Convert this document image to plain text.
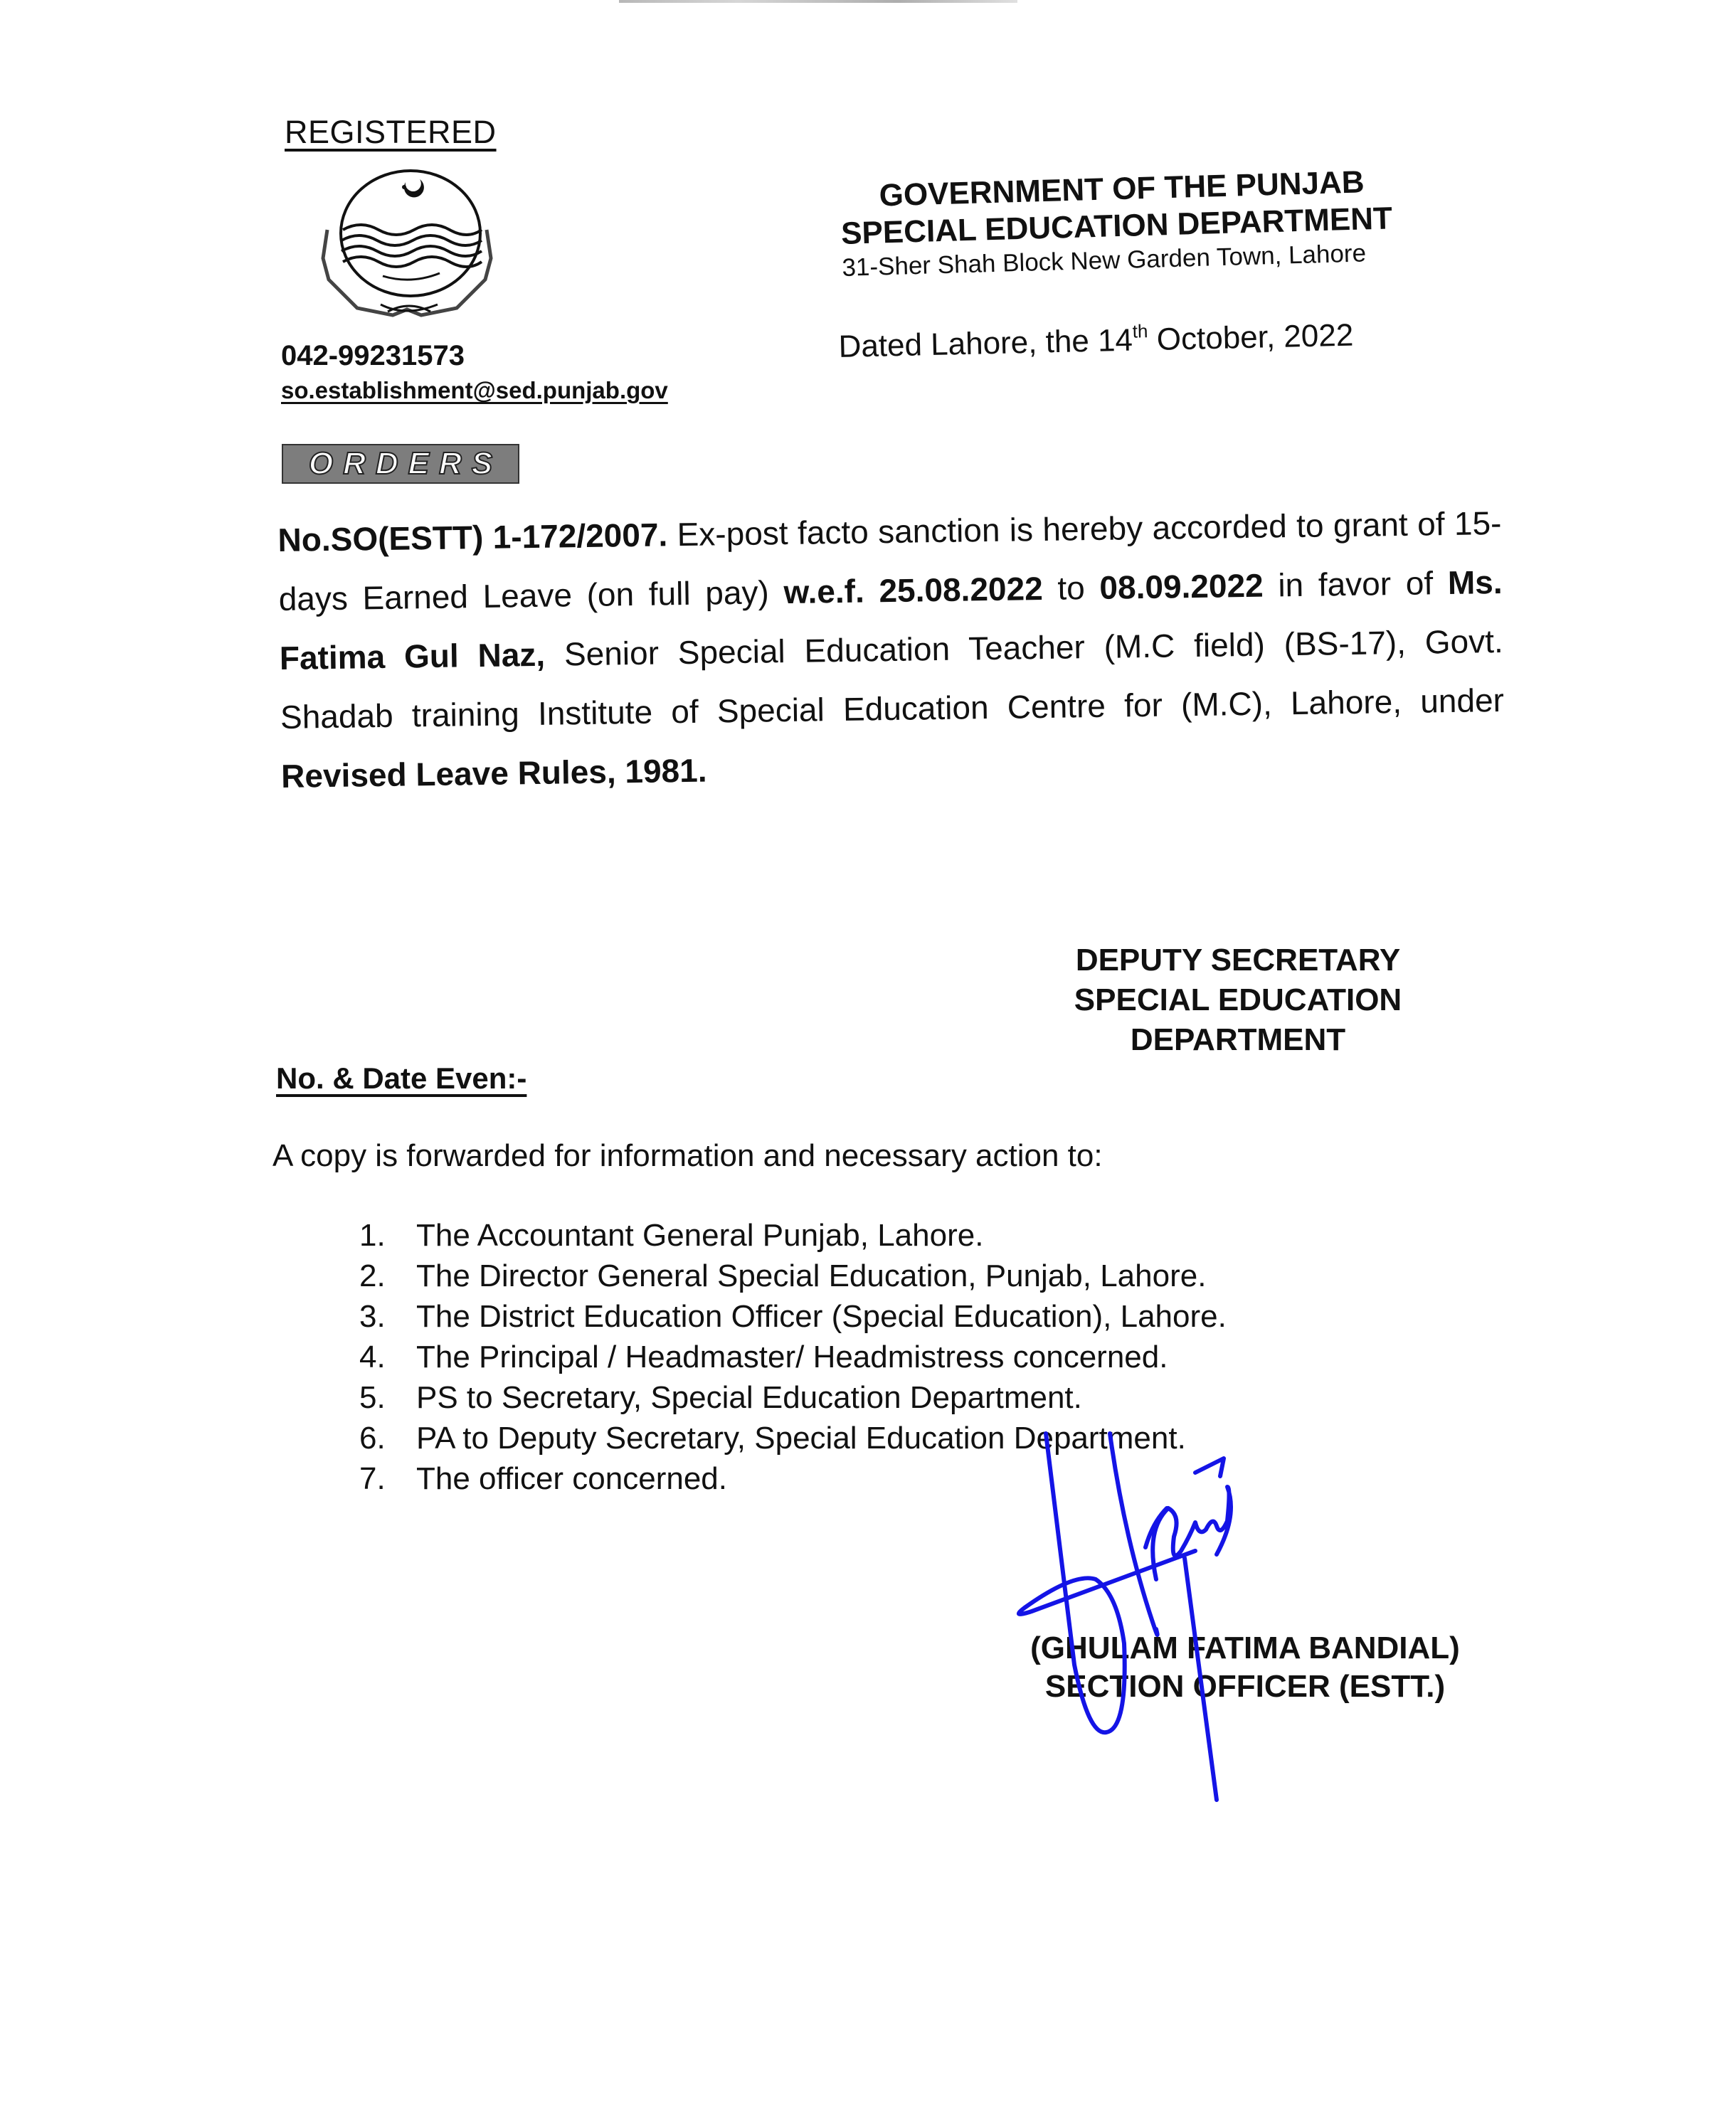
REGISTERED
042-99231573
so.establishment@sed.punjab.gov
GOVERNMENT OF THE PUNJAB
SPECIAL EDUCATION DEPARTMENT
31-Sher Shah Block New Garden Town, Lahore
Dated Lahore, the 14th October, 2022
ORDERS
No.SO(ESTT) 1-172/2007. Ex-post facto sanction is hereby accorded to grant of 15-days Earned Leave (on full pay) w.e.f. 25.08.2022 to 08.09.2022 in favor of Ms. Fatima Gul Naz, Senior Special Education Teacher (M.C field) (BS-17), Govt. Shadab training Institute of Special Education Centre for (M.C), Lahore, under Revised Leave Rules, 1981.
DEPUTY SECRETARY
SPECIAL EDUCATION
DEPARTMENT
No. & Date Even:-
A copy is forwarded for information and necessary action to:
1. The Accountant General Punjab, Lahore.
2. The Director General Special Education, Punjab, Lahore.
3. The District Education Officer (Special Education), Lahore.
4. The Principal / Headmaster/ Headmistress concerned.
5. PS to Secretary, Special Education Department.
6. PA to Deputy Secretary, Special Education Department.
7. The officer concerned.
(GHULAM FATIMA BANDIAL)
SECTION OFFICER (ESTT.)
